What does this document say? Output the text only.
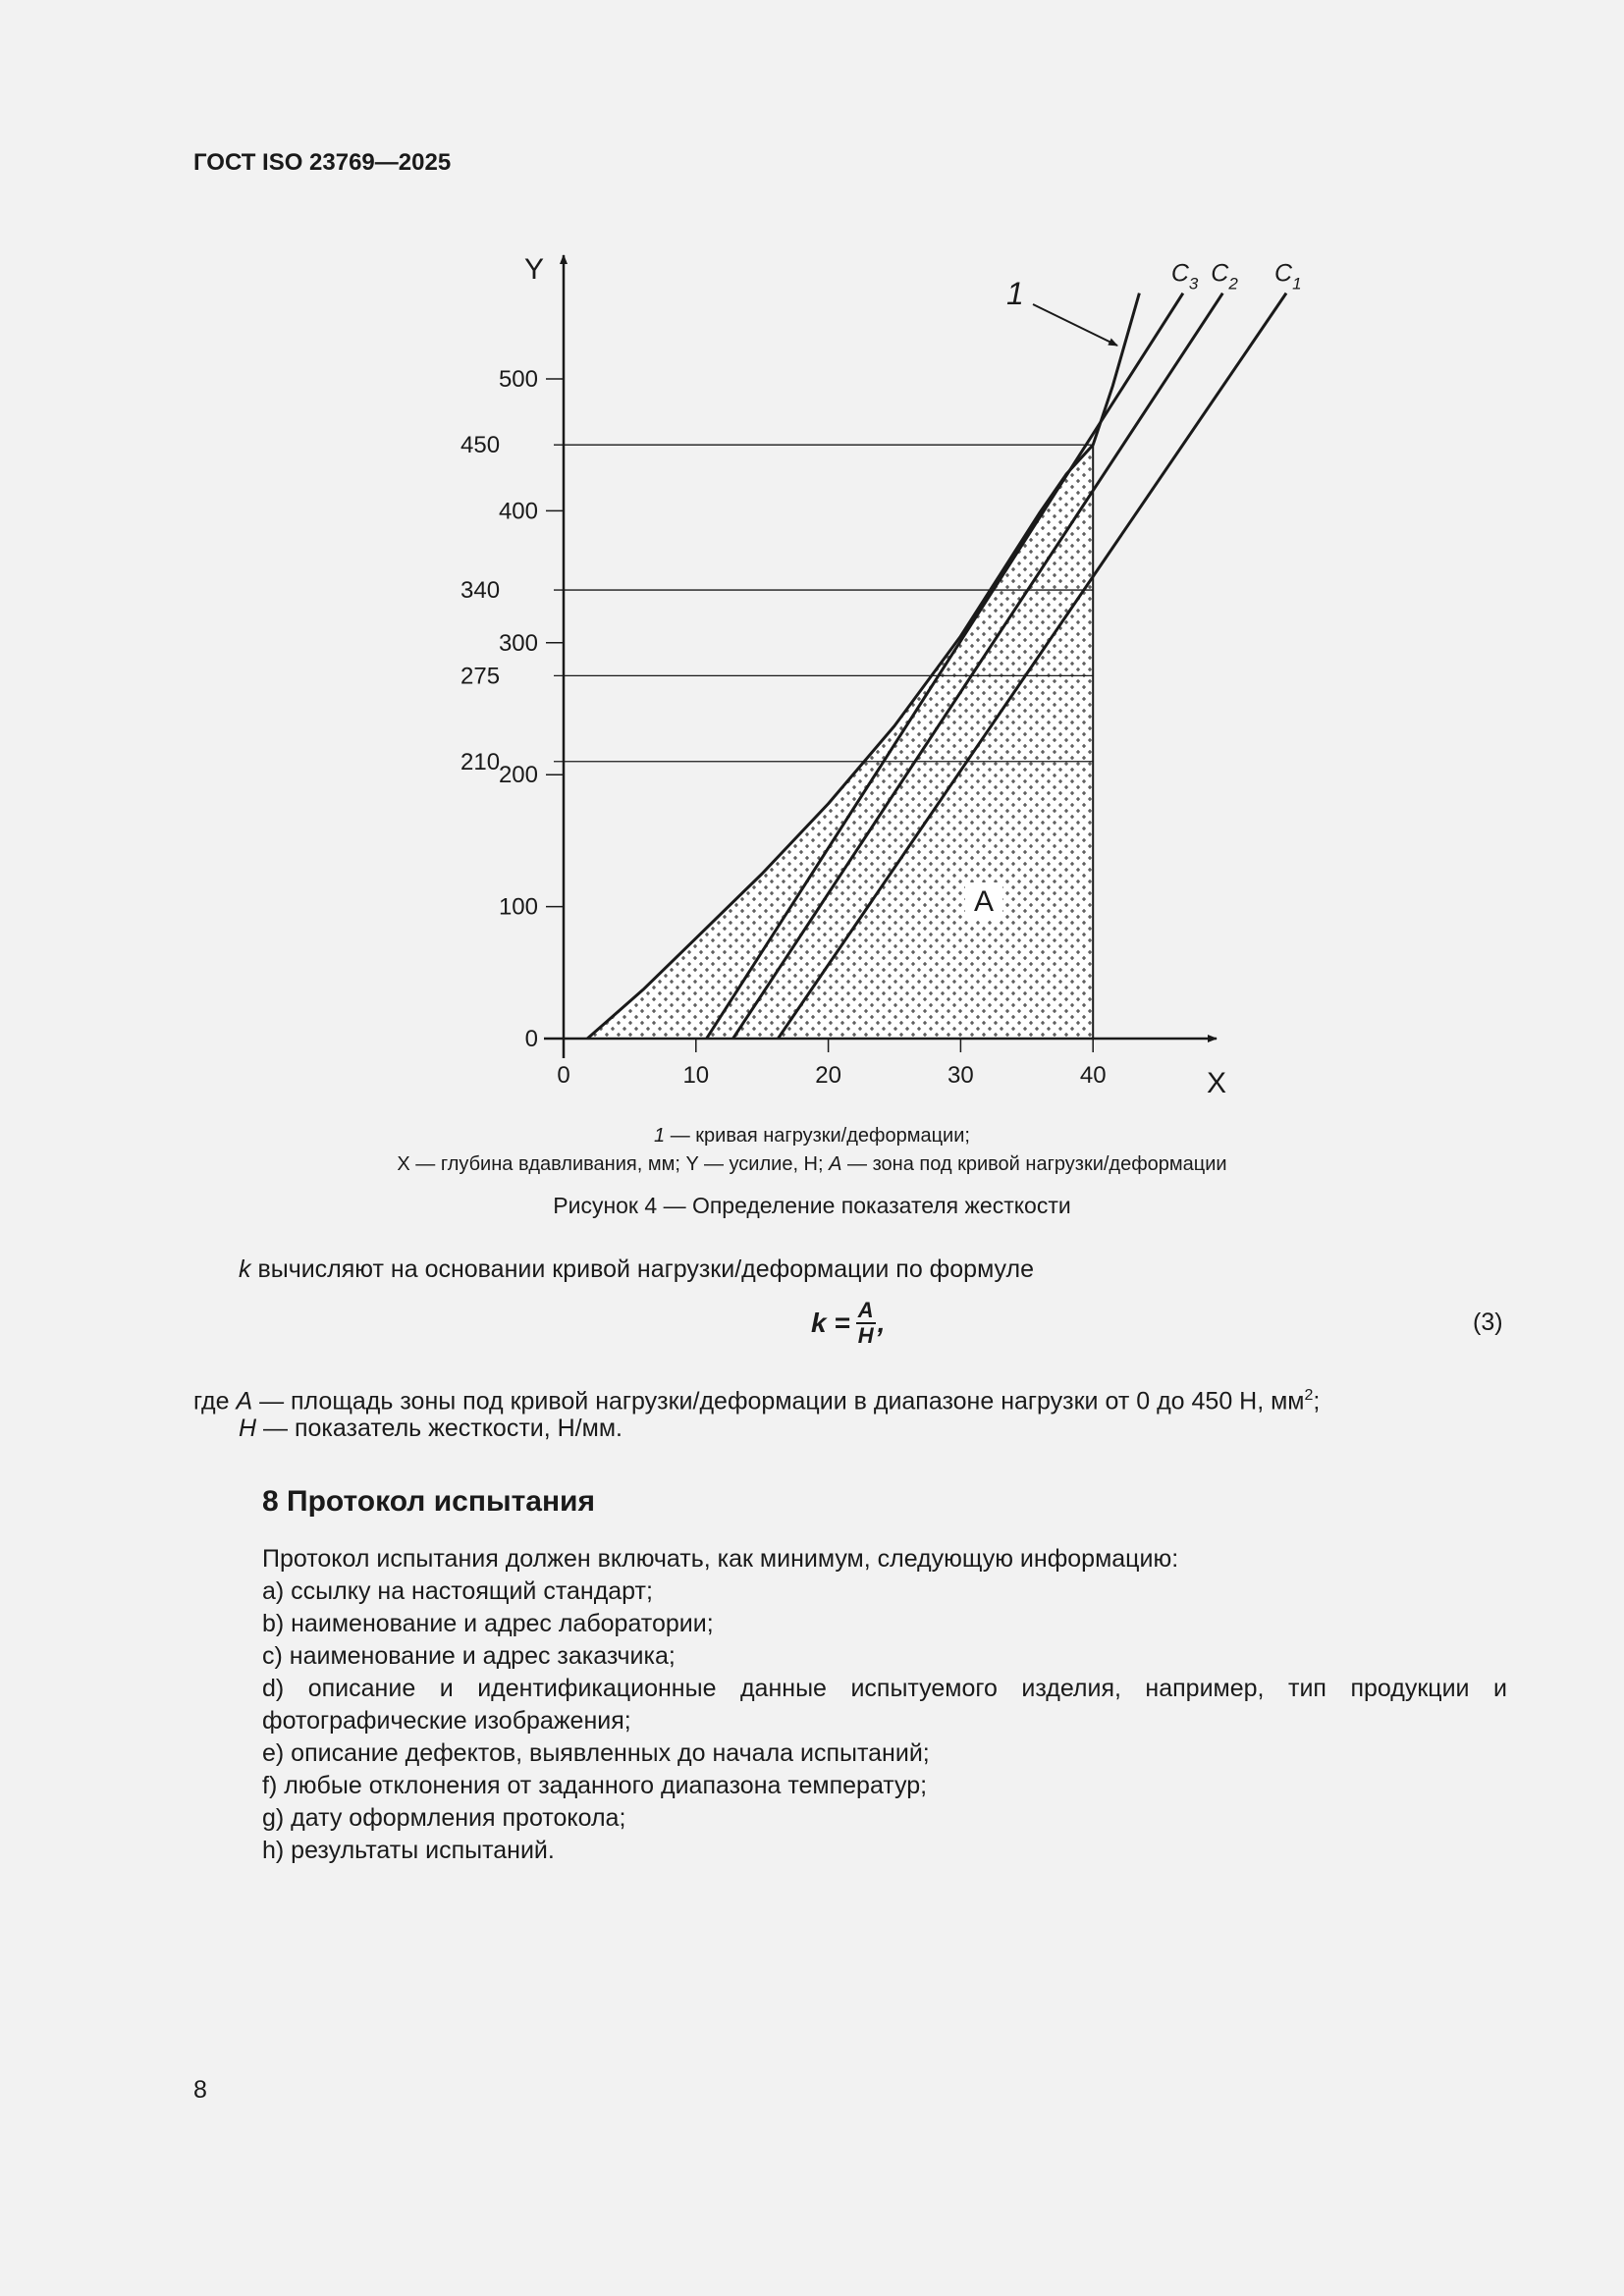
ГОСТ ISO 23769—2025
210
275
340
450
0
100
200
300
400
500
0	10	20	30	40
Y
X
$C_1$
$C_2$
$C_3$
1
A
1 — кривая нагрузки/деформации;
X — глубина вдавливания, мм; Y — усилие, Н; A — зона под кривой нагрузки/деформации
Рисунок 4 — Определение показателя жесткости
k вычисляют на основании кривой нагрузки/деформации по формуле
$k = \frac{A}{H}$ ,	(3)
где A — площадь зоны под кривой нагрузки/деформации в диапазоне нагрузки от 0 до 450 Н, $мм^2$;
H — показатель жесткости, Н/мм.
8 Протокол испытания

Протокол испытания должен включать, как минимум, следующую информацию:

a) ссылку на настоящий стандарт;

b) наименование и адрес лаборатории;

c) наименование и адрес заказчика;

d) описание и идентификационные данные испытуемого изделия, например, тип продукции и фотографические изображения;

e) описание дефектов, выявленных до начала испытаний;

f) любые отклонения от заданного диапазона температур;

g) дату оформления протокола;

h) результаты испытаний.

8
